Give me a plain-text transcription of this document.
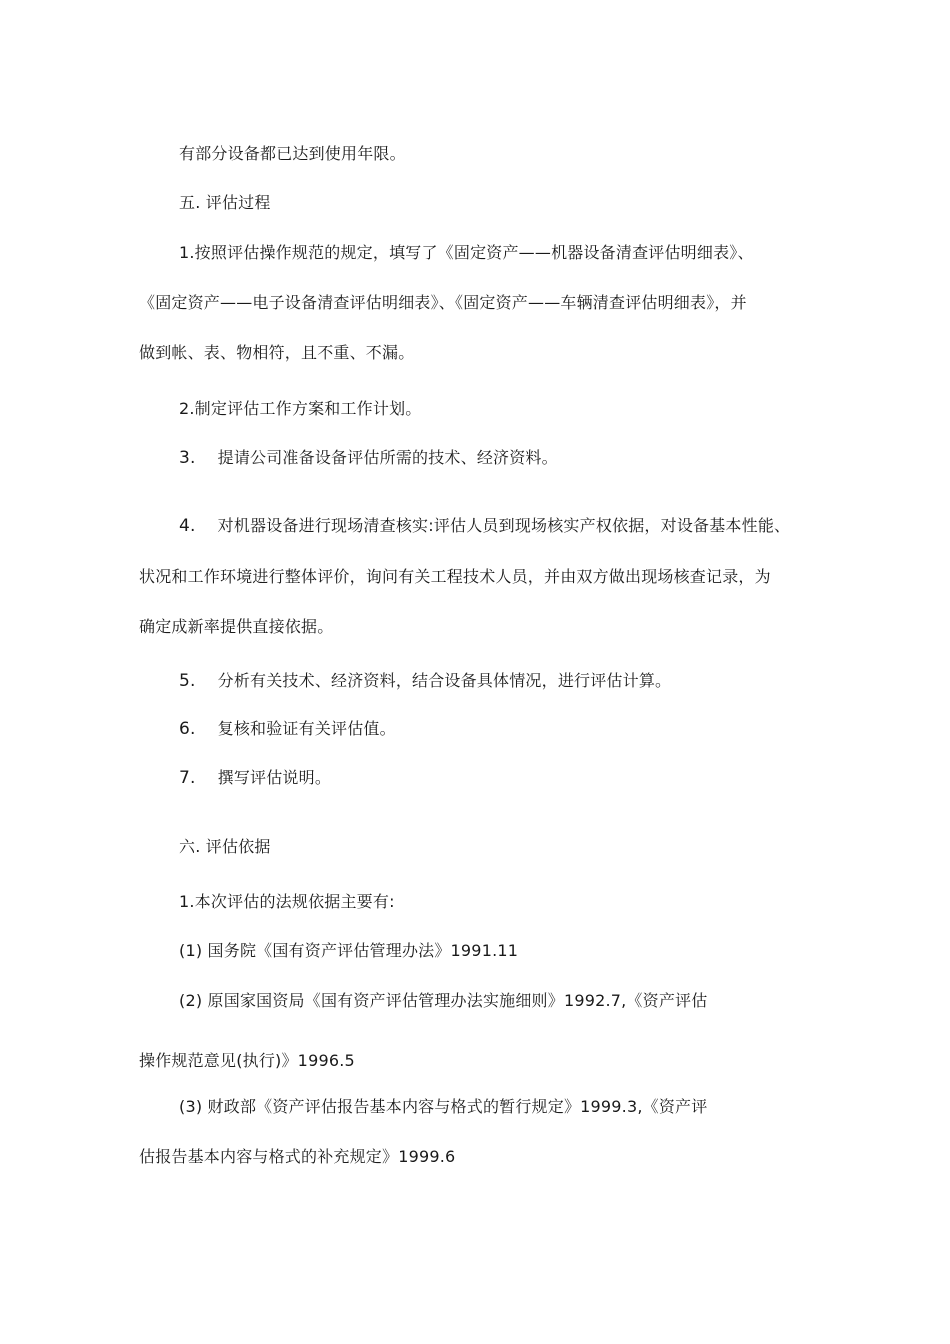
有部分设备都已达到使用年限。
五. 评估过程
1.按照评估操作规范的规定，填写了《固定资产——机器设备清查评估明细表》、
《固定资产——电子设备清查评估明细表》、《固定资产——车辆清查评估明细表》，并
做到帐、表、物相符，且不重、不漏。
2.制定评估工作方案和工作计划。
3. 提请公司准备设备评估所需的技术、经济资料。
4. 对机器设备进行现场清查核实:评估人员到现场核实产权依据，对设备基本性能、
状况和工作环境进行整体评价，询问有关工程技术人员，并由双方做出现场核查记录，为
确定成新率提供直接依据。
5. 分析有关技术、经济资料，结合设备具体情况，进行评估计算。
6. 复核和验证有关评估值。
7. 撰写评估说明。
六. 评估依据
1.本次评估的法规依据主要有:
(1) 国务院《国有资产评估管理办法》1991.11
(2) 原国家国资局《国有资产评估管理办法实施细则》1992.7,《资产评估
操作规范意见(执行)》1996.5
(3) 财政部《资产评估报告基本内容与格式的暂行规定》1999.3,《资产评
估报告基本内容与格式的补充规定》1999.6
